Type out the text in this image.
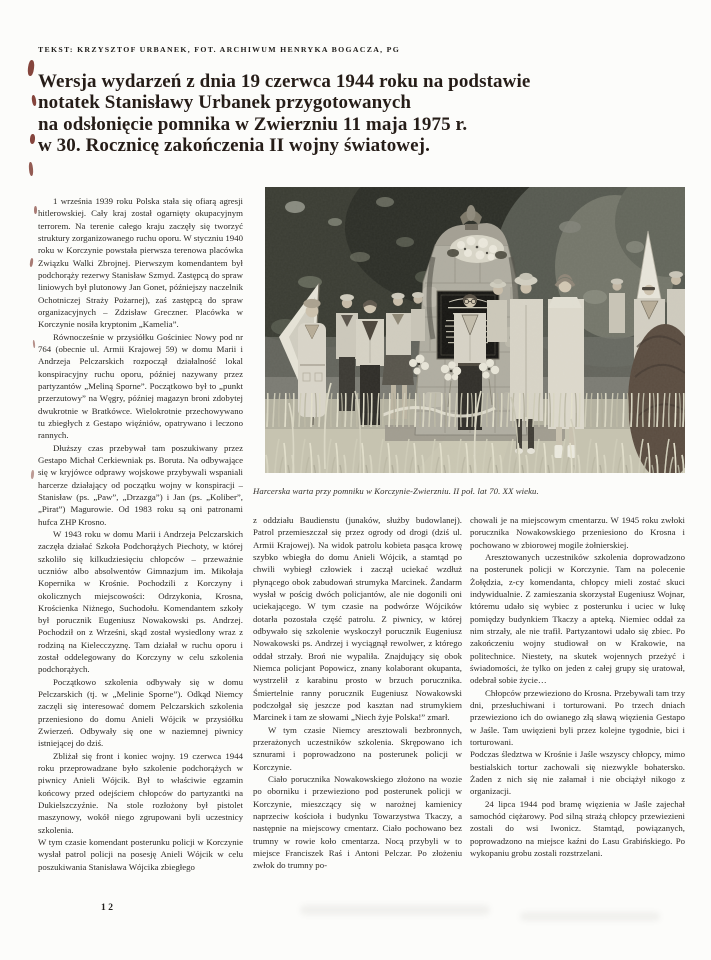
TEKST: KRZYSZTOF URBANEK, FOT. ARCHIWUM HENRYKA BOGACZA, PG
Wersja wydarzeń z dnia 19 czerwca 1944 roku na podstawie
notatek Stanisławy Urbanek przygotowanych
na odsłonięcie pomnika w Zwierzniu 11 maja 1975 r.
w 30. Rocznicę zakończenia II wojny światowej.

1 września 1939 roku Polska stała się ofiarą agresji hitlerowskiej. Cały kraj został ogarnięty okupacyjnym terrorem. Na terenie całego kraju zaczęły się tworzyć struktury zorganizowanego ruchu oporu. W styczniu 1940 roku w Korczynie powstała pierwsza terenowa placówka Związku Walki Zbrojnej. Pierwszym komendantem był podchorąży rezerwy Stanisław Szmyd. Zastępcą do spraw liniowych był plutonowy Jan Gonet, późniejszy naczelnik Ochotniczej Straży Pożarnej), zaś zastępcą do spraw organizacyjnych – Zdzisław Greczner. Placówka w Korczynie nosiła kryptonim „Kamelia”.

Równocześnie w przysiółku Gościniec Nowy pod nr 764 (obecnie ul. Armii Krajowej 59) w domu Marii i Andrzeja Pelczarskich rozpoczął działalność lokal konspiracyjny ruchu oporu, później nazywany przez partyzantów „Meliną Sporne”. Początkowo był to „punkt przerzutowy” na Węgry, później magazyn broni zdobytej dwukrotnie w Bratkówce. Wielokrotnie przechowywano tu zbiegłych z Gestapo więźniów, opatrywano i leczono rannych.

Dłuższy czas przebywał tam poszukiwany przez Gestapo Michał Cerkiewniak ps. Boruta. Na odbywające się w kryjówce odprawy wojskowe przybywali wspaniali harcerze działający od początku wojny w konspiracji – Stanisław (ps. „Paw”, „Drzazga”) i Jan (ps. „Koliber”, „Pirat”) Magurowie. Od 1983 roku są oni patronami hufca ZHP Krosno.

W 1943 roku w domu Marii i Andrzeja Pelczarskich zaczęła działać Szkoła Podchorążych Piechoty, w której szkoliło się kilkudziesięciu chłopców – przeważnie uczniów albo absolwentów Gimnazjum im. Mikołaja Kopernika w Krośnie. Pochodzili z Korczyny i okolicznych miejscowości: Odrzykonia, Krosna, Krościenka Niżnego, Suchodołu. Komendantem szkoły był porucznik Eugeniusz Nowakowski ps. Andrzej. Pochodził on z Wrześni, skąd został wysiedlony wraz z rodziną na Kielecczyznę. Tam działał w ruchu oporu i został oddelegowany do Korczyny w celu szkolenia podchorążych.

Początkowo szkolenia odbywały się w domu Pelczarskich (tj. w „Melinie Sporne”). Odkąd Niemcy zaczęli się interesować domem Pelczarskich szkolenia przeniesiono do domu Anieli Wójcik w przysiółku Zwierzeń. Odbywały się one w naziemnej piwnicy istniejącej do dziś.

Zbliżał się front i koniec wojny. 19 czerwca 1944 roku przeprowadzane było szkolenie podchorążych w piwnicy Anieli Wójcik. Był to właściwie egzamin końcowy przed odejściem chłopców do partyzantki na Dukielszczyźnie. Na stole rozłożony był pistolet maszynowy, wokół niego zgrupowani byli uczestnicy szkolenia.

W tym czasie komendant posterunku policji w Korczynie wysłał patrol policji na posesję Anieli Wójcik w celu poszukiwania Stanisława Wójcika zbiegłego

Harcerska warta przy pomniku w Korczynie-Zwierzniu. II poł. lat 70. XX wieku.

z oddziału Baudienstu (junaków, służby budowlanej). Patrol przemieszczał się przez ogrody od drogi (dziś ul. Armii Krajowej). Na widok patrolu kobieta pasąca krowę szybko wbiegła do domu Anieli Wójcik, a stamtąd po chwili wybiegł człowiek i zaczął uciekać wzdłuż płynącego obok zabudowań strumyka Marcinek. Żandarm wysłał w pościg dwóch policjantów, ale nie dogonili oni uciekającego. W tym czasie na podwórze Wójcików dotarła pozostała część patrolu. Z piwnicy, w której odbywało się szkolenie wyskoczył porucznik Eugeniusz Nowakowski ps. Andrzej i wyciągnął rewolwer, z którego oddał strzały. Broń nie wypaliła. Znajdujący się obok Niemca policjant Popowicz, znany kolaborant okupanta, wystrzelił z karabinu prosto w brzuch porucznika. Śmiertelnie ranny porucznik Eugeniusz Nowakowski podczołgał się jeszcze pod kasztan nad strumykiem Marcinek i tam ze słowami „Niech żyje Polska!” zmarł.

W tym czasie Niemcy aresztowali bezbronnych, przerażonych uczestników szkolenia. Skrępowano ich sznurami i poprowadzono na posterunek policji w Korczynie.

Ciało porucznika Nowakowskiego złożono na wozie po oborniku i przewieziono pod posterunek policji w Korczynie, mieszczący się w narożnej kamienicy naprzeciw kościoła i budynku Towarzystwa Tkaczy, a następnie na miejscowy cmentarz. Ciało pochowano bez trumny w rowie koło cmentarza. Nocą przybyli w to miejsce Franciszek Raś i Antoni Pelczar. Po złożeniu zwłok do trumny po-

chowali je na miejscowym cmentarzu. W 1945 roku zwłoki porucznika Nowakowskiego przeniesiono do Krosna i pochowano w zbiorowej mogile żołnierskiej.

Aresztowanych uczestników szkolenia doprowadzono na posterunek policji w Korczynie. Tam na polecenie Żołędzia, z-cy komendanta, chłopcy mieli zostać skuci indywidualnie. Z zamieszania skorzystał Eugeniusz Wojnar, któremu udało się wybiec z posterunku i uciec w lukę pomiędzy budynkiem Tkaczy a apteką. Niemiec oddał za nim strzały, ale nie trafił. Partyzantowi udało się zbiec. Po zakończeniu wojny studiował on w Krakowie, na politechnice. Niestety, na skutek wojennych przeżyć i świadomości, że tylko on jeden z całej grupy się uratował, odebrał sobie życie…

Chłopców przewieziono do Krosna. Przebywali tam trzy dni, przesłuchiwani i torturowani. Po trzech dniach przewieziono ich do owianego złą sławą więzienia Gestapo w Jaśle. Tam uwięzieni byli przez kolejne tygodnie, bici i torturowani.

Podczas śledztwa w Krośnie i Jaśle wszyscy chłopcy, mimo bestialskich tortur zachowali się niezwykle bohatersko. Żaden z nich się nie załamał i nie obciążył nikogo z organizacji.

24 lipca 1944 pod bramę więzienia w Jaśle zajechał samochód ciężarowy. Pod silną strażą chłopcy przewiezieni zostali do wsi Iwonicz. Stamtąd, powiązanych, poprowadzono na miejsce kaźni do Lasu Grabińskiego. Po wykopaniu grobu zostali rozstrzelani.

12
